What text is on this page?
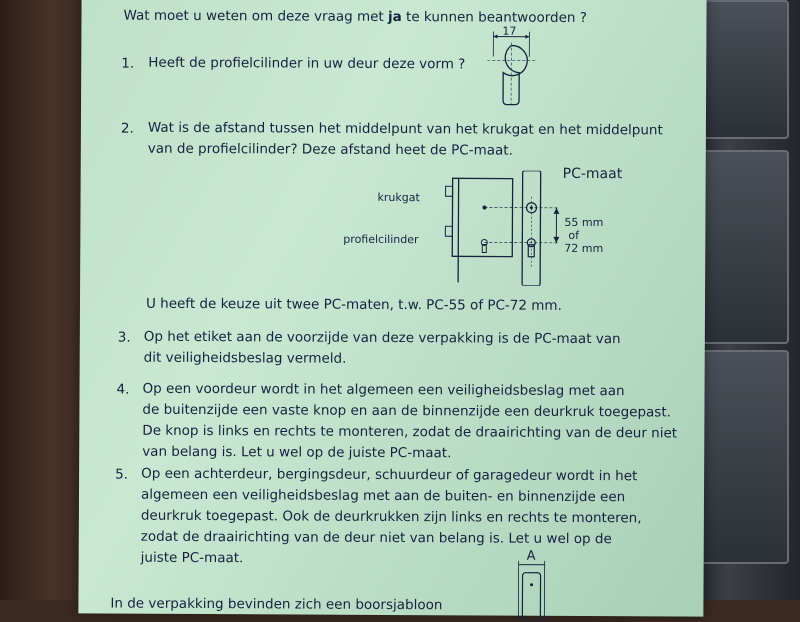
Wat moet u weten om deze vraag met ja te kunnen beantwoorden ?
1. Heeft de profielcilinder in uw deur deze vorm ?
17
2. Wat is de afstand tussen het middelpunt van het krukgat en het middelpunt
van de profielcilinder? Deze afstand heet de PC-maat.
PC-maat
krukgat
profielcilinder
55 mm
of
72 mm
U heeft de keuze uit twee PC-maten, t.w. PC-55 of PC-72 mm.
3. Op het etiket aan de voorzijde van deze verpakking is de PC-maat van
dit veiligheidsbeslag vermeld.
4. Op een voordeur wordt in het algemeen een veiligheidsbeslag met aan
de buitenzijde een vaste knop en aan de binnenzijde een deurkruk toegepast.
De knop is links en rechts te monteren, zodat de draairichting van de deur niet
van belang is. Let u wel op de juiste PC-maat.
5. Op een achterdeur, bergingsdeur, schuurdeur of garagedeur wordt in het
algemeen een veiligheidsbeslag met aan de buiten- en binnenzijde een
deurkruk toegepast. Ook de deurkrukken zijn links en rechts te monteren,
zodat de draairichting van de deur niet van belang is. Let u wel op de
juiste PC-maat.	A
In de verpakking bevinden zich een boorsjabloon
